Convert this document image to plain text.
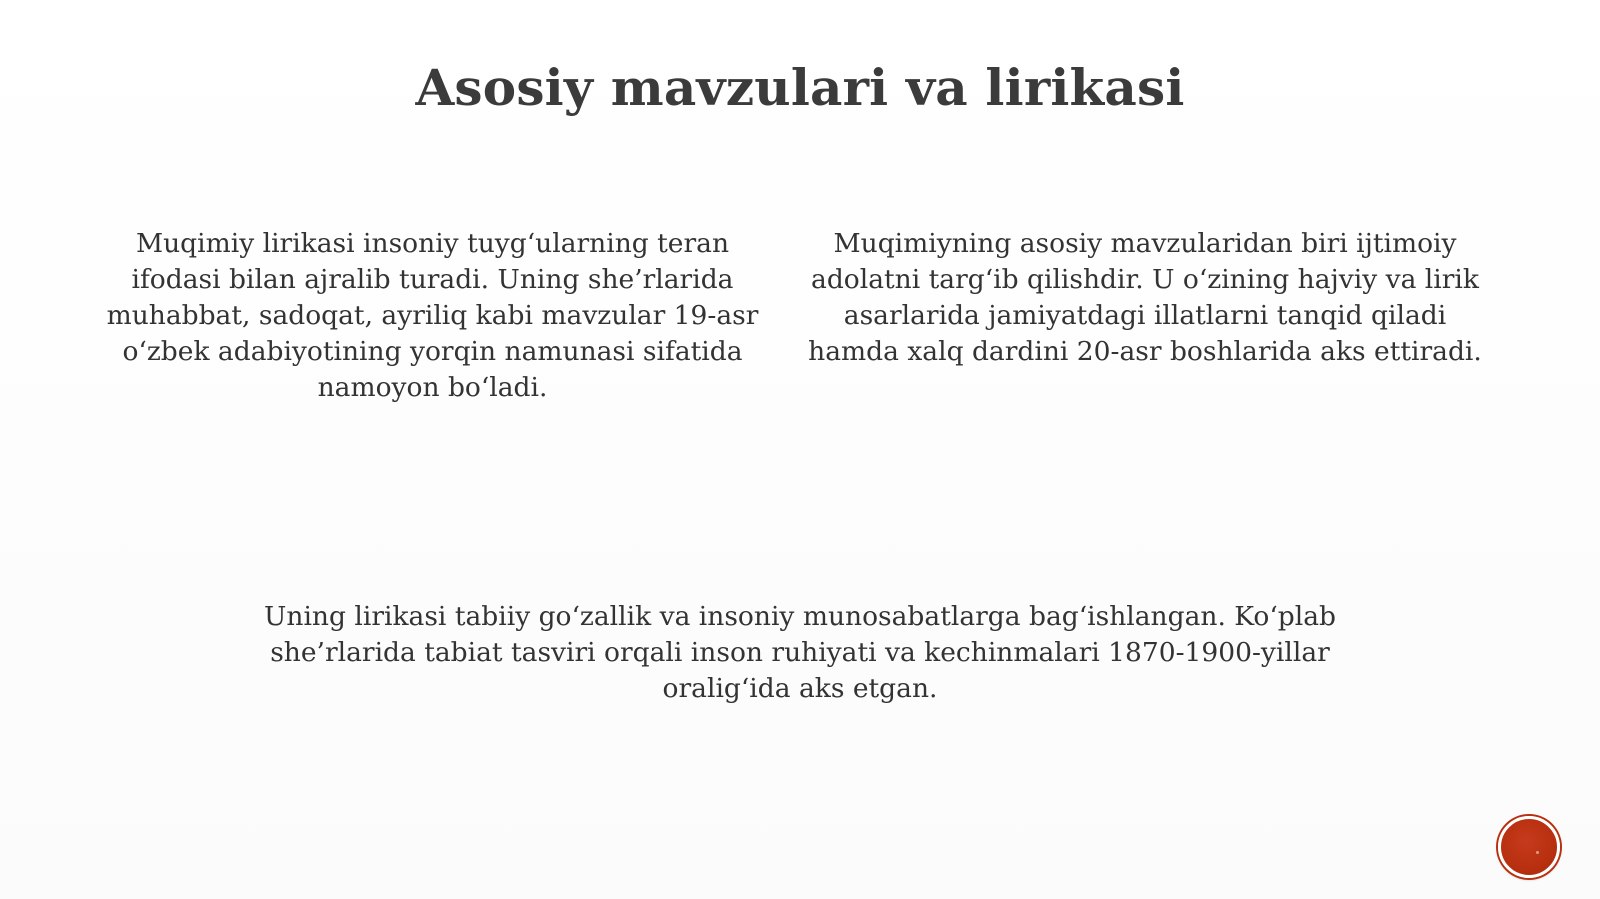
Asosiy mavzulari va lirikasi
Muqimiy lirikasi insoniy tuyg‘ularning teran ifodasi bilan ajralib turadi. Uning she’rlarida muhabbat, sadoqat, ayriliq kabi mavzular 19-asr o‘zbek adabiyotining yorqin namunasi sifatida namoyon bo‘ladi.
Muqimiyning asosiy mavzularidan biri ijtimoiy adolatni targ‘ib qilishdir. U o‘zining hajviy va lirik asarlarida jamiyatdagi illatlarni tanqid qiladi hamda xalq dardini 20-asr boshlarida aks ettiradi.
Uning lirikasi tabiiy go‘zallik va insoniy munosabatlarga bag‘ishlangan. Ko‘plab she’rlarida tabiat tasviri orqali inson ruhiyati va kechinmalari 1870-1900-yillar oralig‘ida aks etgan.
